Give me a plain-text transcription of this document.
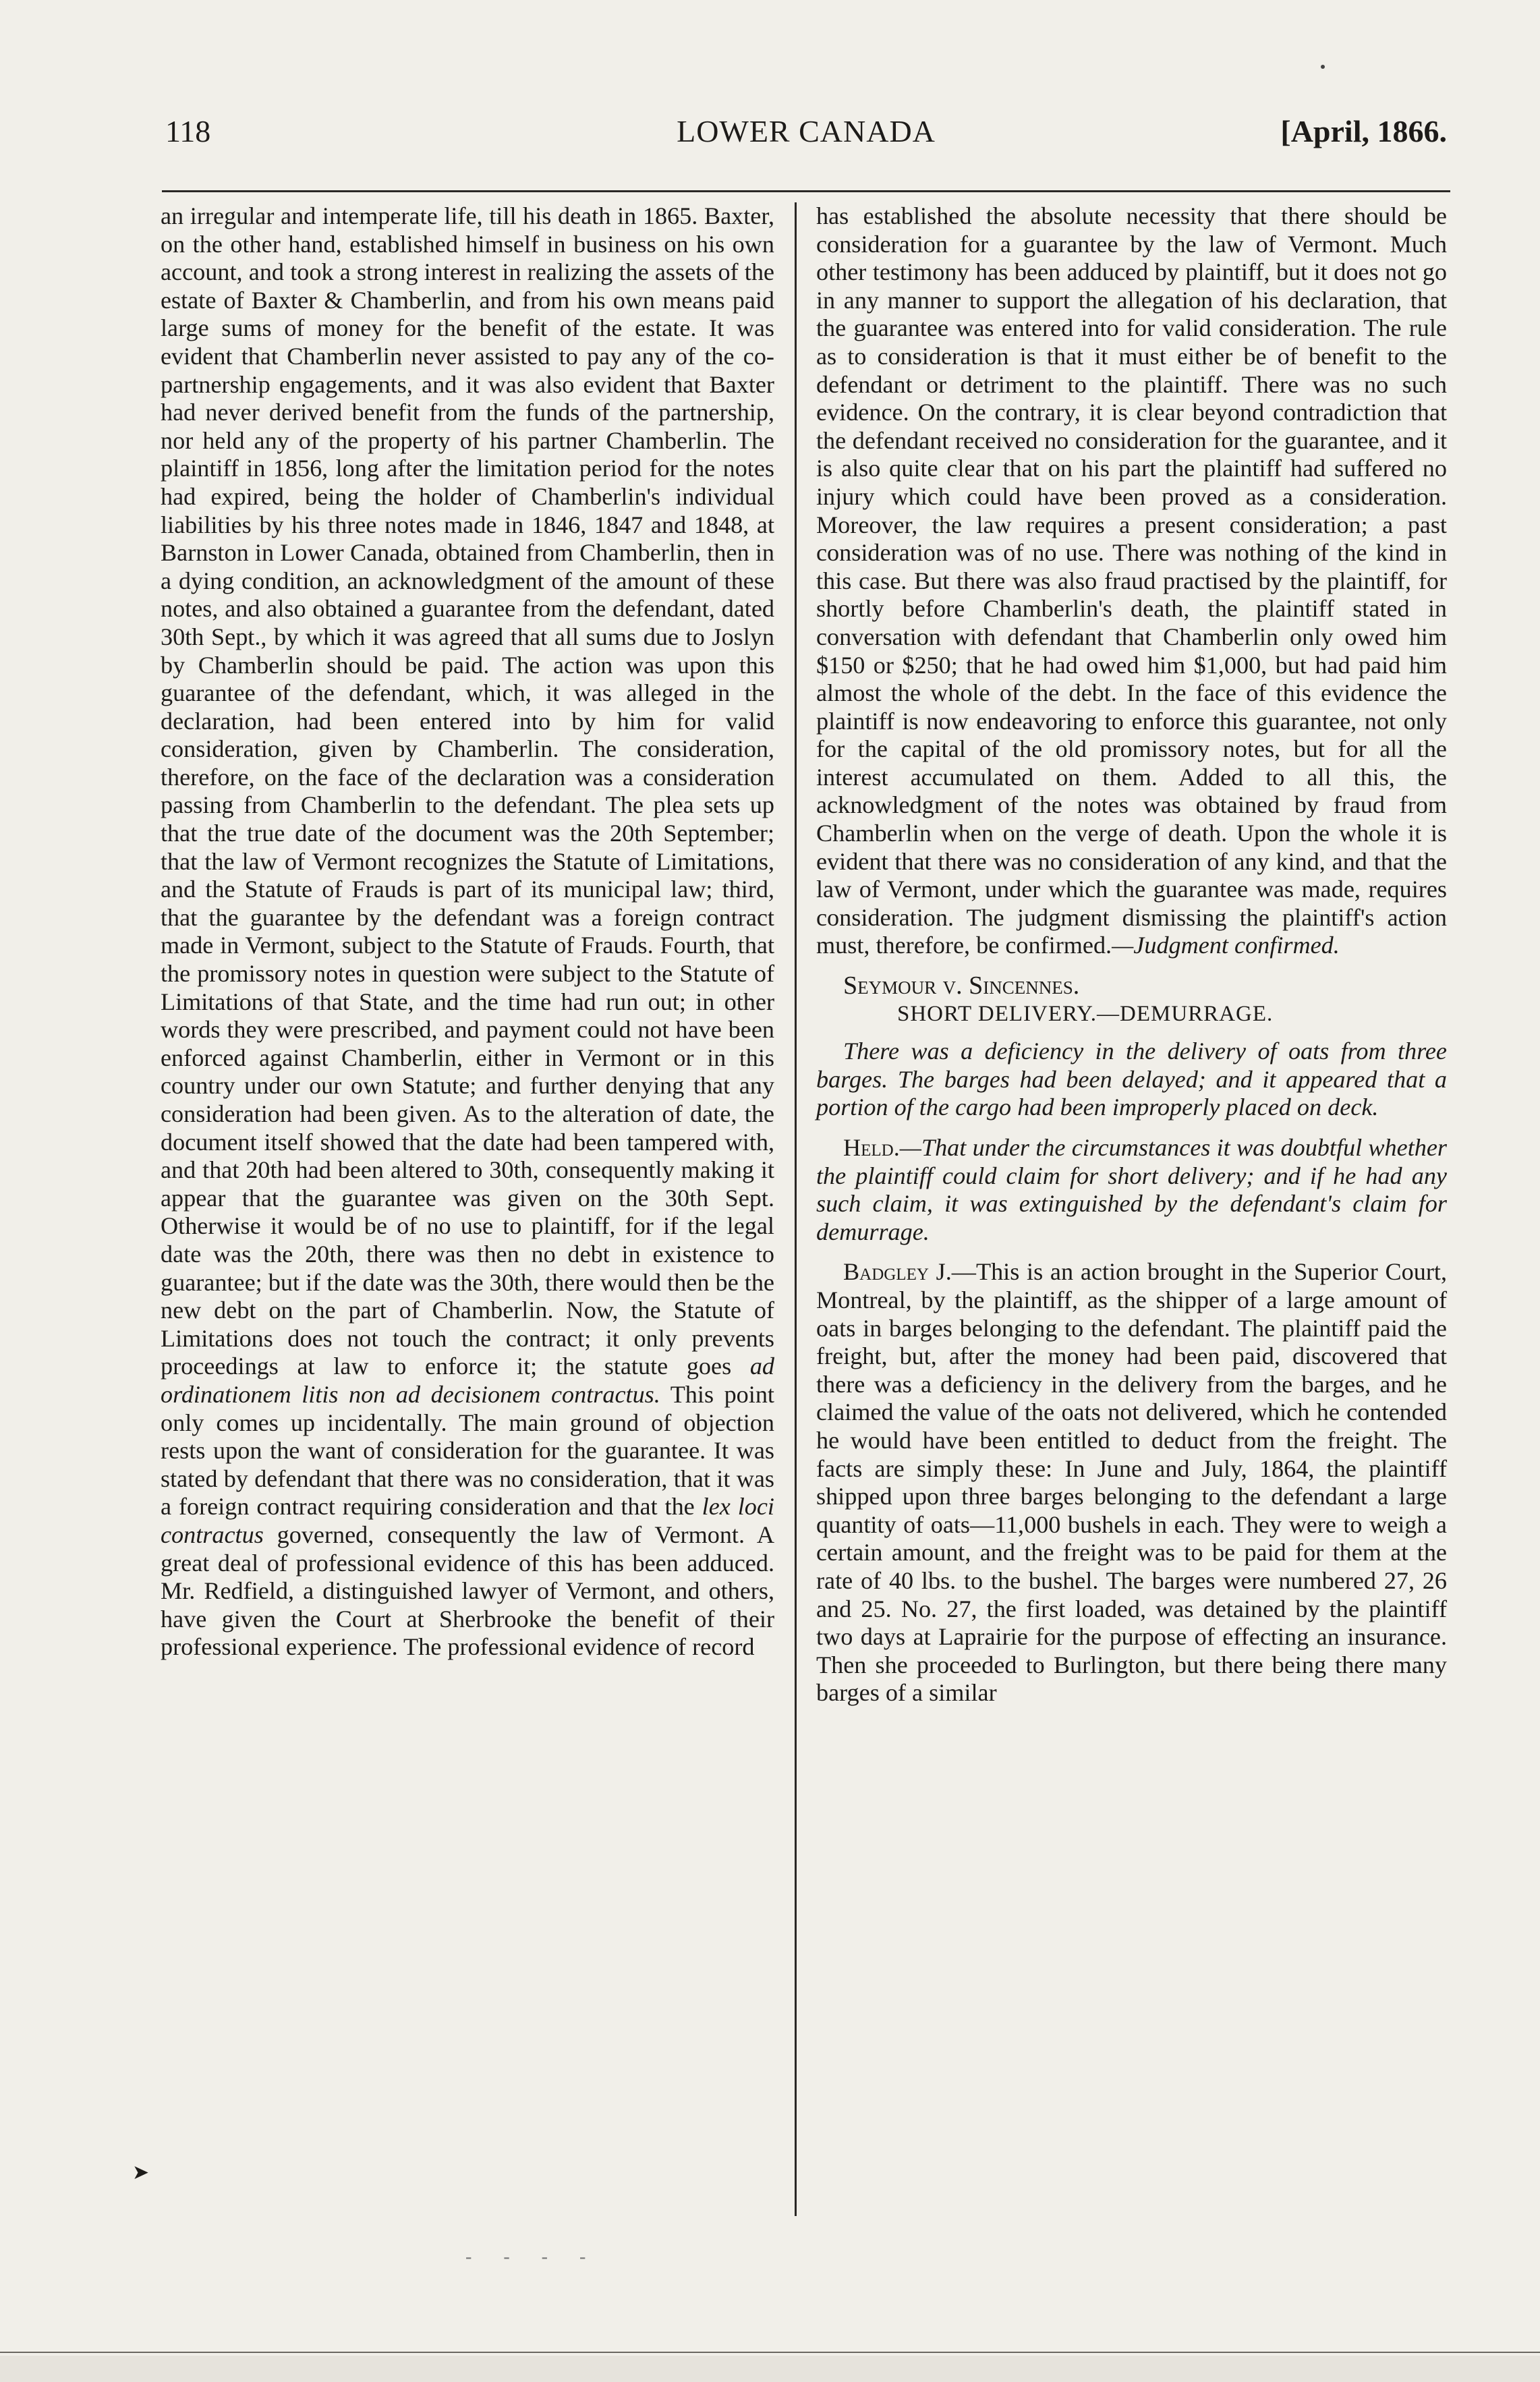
118	LOWER CANADA	[April, 1866.

an irregular and intemperate life, till his death in 1865. Baxter, on the other hand, established himself in business on his own account, and took a strong interest in realizing the assets of the estate of Baxter & Chamberlin, and from his own means paid large sums of money for the benefit of the estate. It was evident that Chamberlin never assisted to pay any of the co-partnership engagements, and it was also evident that Baxter had never derived benefit from the funds of the partnership, nor held any of the property of his partner Chamberlin. The plaintiff in 1856, long after the limitation period for the notes had expired, being the holder of Chamberlin's individual liabilities by his three notes made in 1846, 1847 and 1848, at Barnston in Lower Canada, obtained from Chamberlin, then in a dying condition, an acknowledgment of the amount of these notes, and also obtained a guarantee from the defendant, dated 30th Sept., by which it was agreed that all sums due to Joslyn by Chamberlin should be paid. The action was upon this guarantee of the defendant, which, it was alleged in the declaration, had been entered into by him for valid consideration, given by Chamberlin. The consideration, therefore, on the face of the declaration was a consideration passing from Chamberlin to the defendant. The plea sets up that the true date of the document was the 20th September; that the law of Vermont recognizes the Statute of Limitations, and the Statute of Frauds is part of its municipal law; third, that the guarantee by the defendant was a foreign contract made in Vermont, subject to the Statute of Frauds. Fourth, that the promissory notes in question were subject to the Statute of Limitations of that State, and the time had run out; in other words they were prescribed, and payment could not have been enforced against Chamberlin, either in Vermont or in this country under our own Statute; and further denying that any consideration had been given. As to the alteration of date, the document itself showed that the date had been tampered with, and that 20th had been altered to 30th, consequently making it appear that the guarantee was given on the 30th Sept. Otherwise it would be of no use to plaintiff, for if the legal date was the 20th, there was then no debt in existence to guarantee; but if the date was the 30th, there would then be the new debt on the part of Chamberlin. Now, the Statute of Limitations does not touch the contract; it only prevents proceedings at law to enforce it; the statute goes ad ordinationem litis non ad decisionem contractus. This point only comes up incidentally. The main ground of objection rests upon the want of consideration for the guarantee. It was stated by defendant that there was no consideration, that it was a foreign contract requiring consideration and that the lex loci contractus governed, consequently the law of Vermont. A great deal of professional evidence of this has been adduced. Mr. Redfield, a distinguished lawyer of Vermont, and others, have given the Court at Sherbrooke the benefit of their professional experience. The professional evidence of record

has established the absolute necessity that there should be consideration for a guarantee by the law of Vermont. Much other testimony has been adduced by plaintiff, but it does not go in any manner to support the allegation of his declaration, that the guarantee was entered into for valid consideration. The rule as to consideration is that it must either be of benefit to the defendant or detriment to the plaintiff. There was no such evidence. On the contrary, it is clear beyond contradiction that the defendant received no consideration for the guarantee, and it is also quite clear that on his part the plaintiff had suffered no injury which could have been proved as a consideration. Moreover, the law requires a present consideration; a past consideration was of no use. There was nothing of the kind in this case. But there was also fraud practised by the plaintiff, for shortly before Chamberlin's death, the plaintiff stated in conversation with defendant that Chamberlin only owed him $150 or $250; that he had owed him $1,000, but had paid him almost the whole of the debt. In the face of this evidence the plaintiff is now endeavoring to enforce this guarantee, not only for the capital of the old promissory notes, but for all the interest accumulated on them. Added to all this, the acknowledgment of the notes was obtained by fraud from Chamberlin when on the verge of death. Upon the whole it is evident that there was no consideration of any kind, and that the law of Vermont, under which the guarantee was made, requires consideration. The judgment dismissing the plaintiff's action must, therefore, be confirmed.—Judgment confirmed.

Seymour v. Sincennes.

SHORT DELIVERY.—DEMURRAGE.

There was a deficiency in the delivery of oats from three barges. The barges had been delayed; and it appeared that a portion of the cargo had been improperly placed on deck.

Held.—That under the circumstances it was doubtful whether the plaintiff could claim for short delivery; and if he had any such claim, it was extinguished by the defendant's claim for demurrage.

Badgley J.—This is an action brought in the Superior Court, Montreal, by the plaintiff, as the shipper of a large amount of oats in barges belonging to the defendant. The plaintiff paid the freight, but, after the money had been paid, discovered that there was a deficiency in the delivery from the barges, and he claimed the value of the oats not delivered, which he contended he would have been entitled to deduct from the freight. The facts are simply these: In June and July, 1864, the plaintiff shipped upon three barges belonging to the defendant a large quantity of oats—11,000 bushels in each. They were to weigh a certain amount, and the freight was to be paid for them at the rate of 40 lbs. to the bushel. The barges were numbered 27, 26 and 25. No. 27, the first loaded, was detained by the plaintiff two days at Laprairie for the purpose of effecting an insurance. Then she proceeded to Burlington, but there being there many barges of a similar

➤
- - - -
